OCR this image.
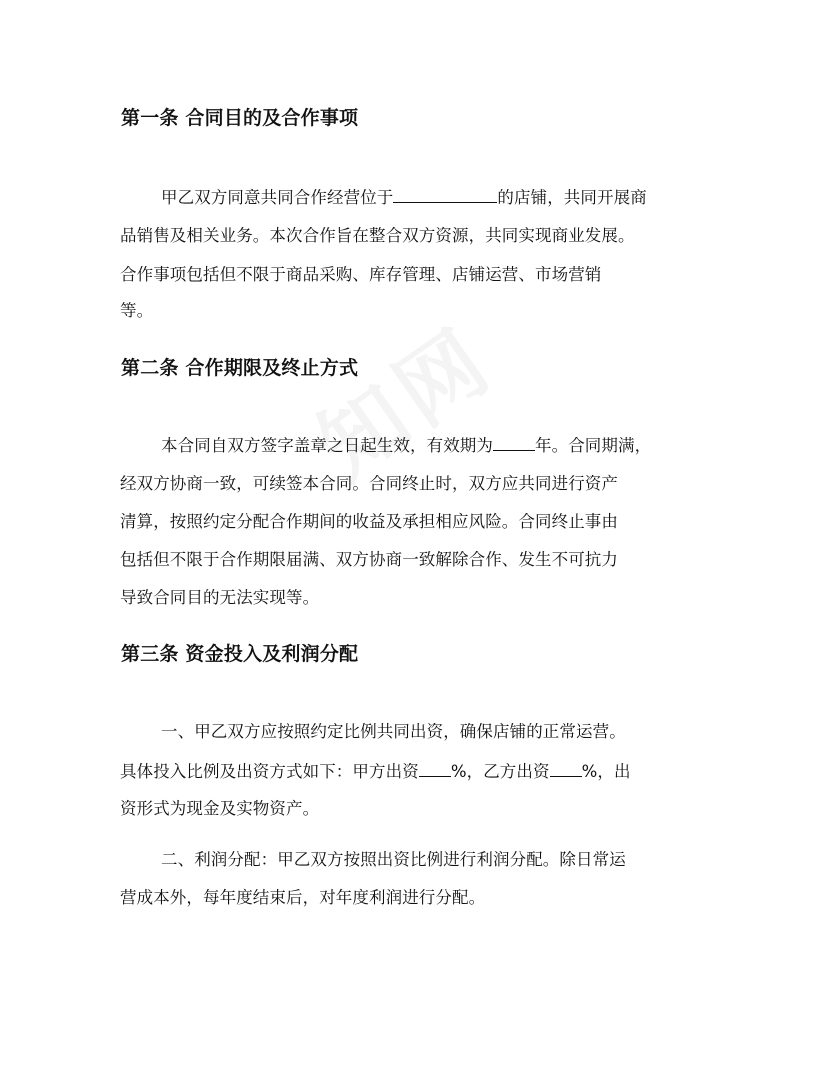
第一条 合同目的及合作事项

甲乙双方同意共同合作经营位于	的店铺，共同开展商

品销售及相关业务。本次合作旨在整合双方资源，共同实现商业发展。

合作事项包括但不限于商品采购、库存管理、店铺运营、市场营销

等。

第二条 合作期限及终止方式

本合同自双方签字盖章之日起生效，有效期为	年。合同期满，

经双方协商一致，可续签本合同。合同终止时，双方应共同进行资产

清算，按照约定分配合作期间的收益及承担相应风险。合同终止事由

包括但不限于合作期限届满、双方协商一致解除合作、发生不可抗力

导致合同目的无法实现等。

第三条 资金投入及利润分配

一、甲乙双方应按照约定比例共同出资，确保店铺的正常运营。

具体投入比例及出资方式如下：甲方出资 %，乙方出资 %，出

资形式为现金及实物资产。

二、利润分配：甲乙双方按照出资比例进行利润分配。除日常运

营成本外，每年度结束后，对年度利润进行分配。
